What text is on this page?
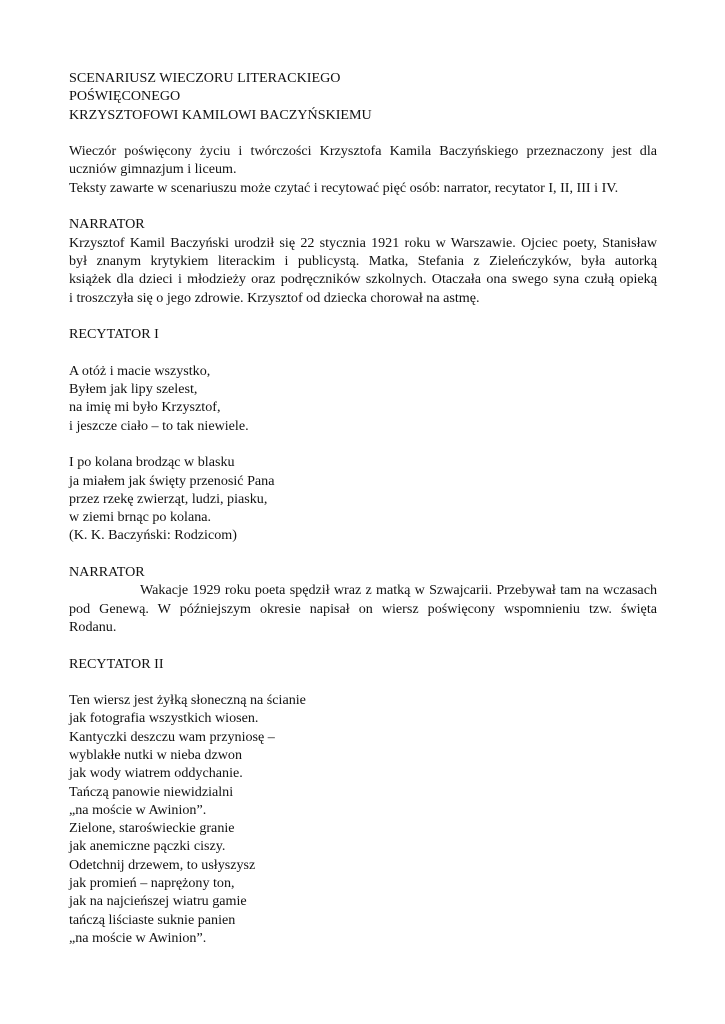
SCENARIUSZ WIECZORU LITERACKIEGO
POŚWIĘCONEGO
KRZYSZTOFOWI KAMILOWI BACZYŃSKIEMU
Wieczór poświęcony życiu i twórczości Krzysztofa Kamila Baczyńskiego przeznaczony jest dla
uczniów gimnazjum i liceum.
Teksty zawarte w scenariuszu może czytać i recytować pięć osób: narrator, recytator I, II, III i IV.
NARRATOR
Krzysztof Kamil Baczyński urodził się 22 stycznia 1921 roku w Warszawie. Ojciec poety, Stanisław
był znanym krytykiem literackim i publicystą. Matka, Stefania z Zieleńczyków, była autorką
książek dla dzieci i młodzieży oraz podręczników szkolnych. Otaczała ona swego syna czułą opieką
i troszczyła się o jego zdrowie. Krzysztof od dziecka chorował na astmę.
RECYTATOR I
A otóż i macie wszystko,
Byłem jak lipy szelest,
na imię mi było Krzysztof,
i jeszcze ciało – to tak niewiele.
I po kolana brodząc w blasku
ja miałem jak święty przenosić Pana
przez rzekę zwierząt, ludzi, piasku,
w ziemi brnąc po kolana.
(K. K. Baczyński: Rodzicom)
NARRATOR
Wakacje 1929 roku poeta spędził wraz z matką w Szwajcarii. Przebywał tam na wczasach
pod Genewą. W późniejszym okresie napisał on wiersz poświęcony wspomnieniu tzw. święta
Rodanu.
RECYTATOR II
Ten wiersz jest żyłką słoneczną na ścianie
jak fotografia wszystkich wiosen.
Kantyczki deszczu wam przyniosę –
wyblakłe nutki w nieba dzwon
jak wody wiatrem oddychanie.
Tańczą panowie niewidzialni
„na moście w Awinion”.
Zielone, staroświeckie granie
jak anemiczne pączki ciszy.
Odetchnij drzewem, to usłyszysz
jak promień – naprężony ton,
jak na najcieńszej wiatru gamie
tańczą liściaste suknie panien
„na moście w Awinion”.
